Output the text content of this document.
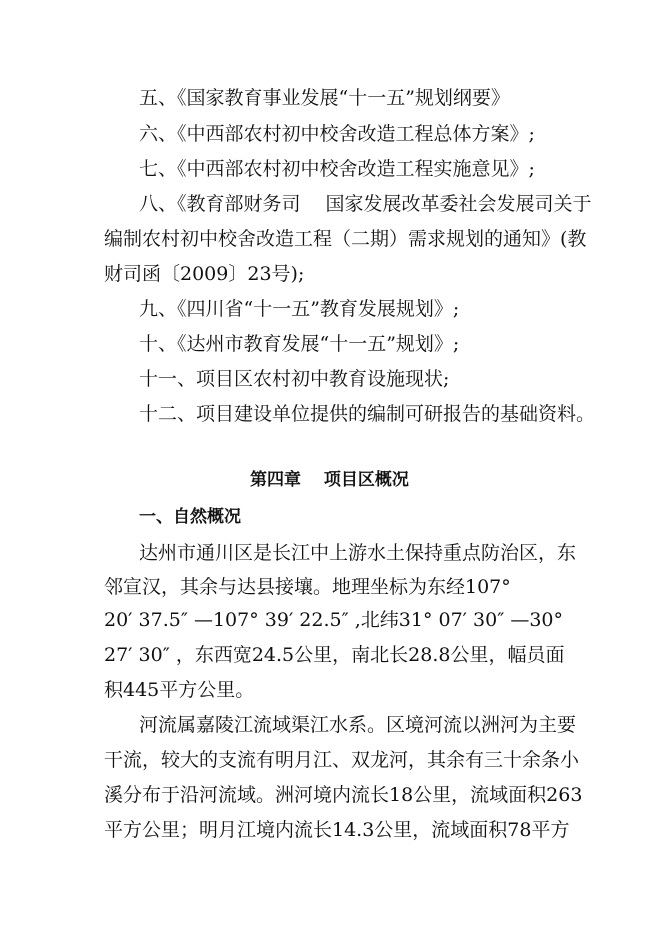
五、《国家教育事业发展“十一五”规划纲要》
六、《中西部农村初中校舍改造工程总体方案》;
七、《中西部农村初中校舍改造工程实施意见》;
八、《教育部财务司　 国家发展改革委社会发展司关于
编制农村初中校舍改造工程（二期）需求规划的通知》(教
财司函〔2009〕23号);
九、《四川省“十一五”教育发展规划》;
十、《达州市教育发展“十一五”规划》;
十一、项目区农村初中教育设施现状;
十二、项目建设单位提供的编制可研报告的基础资料。
第四章　 项目区概况
一、自然概况
达州市通川区是长江中上游水土保持重点防治区，东
邻宣汉，其余与达县接壤。地理坐标为东经107°
20′ 37.5″ —107° 39′ 22.5″ ,北纬31° 07′ 30″ —30°
27′ 30″ ，东西宽24.5公里，南北长28.8公里，幅员面
积445平方公里。
河流属嘉陵江流域渠江水系。区境河流以洲河为主要
干流，较大的支流有明月江、双龙河，其余有三十余条小
溪分布于沿河流域。洲河境内流长18公里，流域面积263
平方公里；明月江境内流长14.3公里，流域面积78平方
